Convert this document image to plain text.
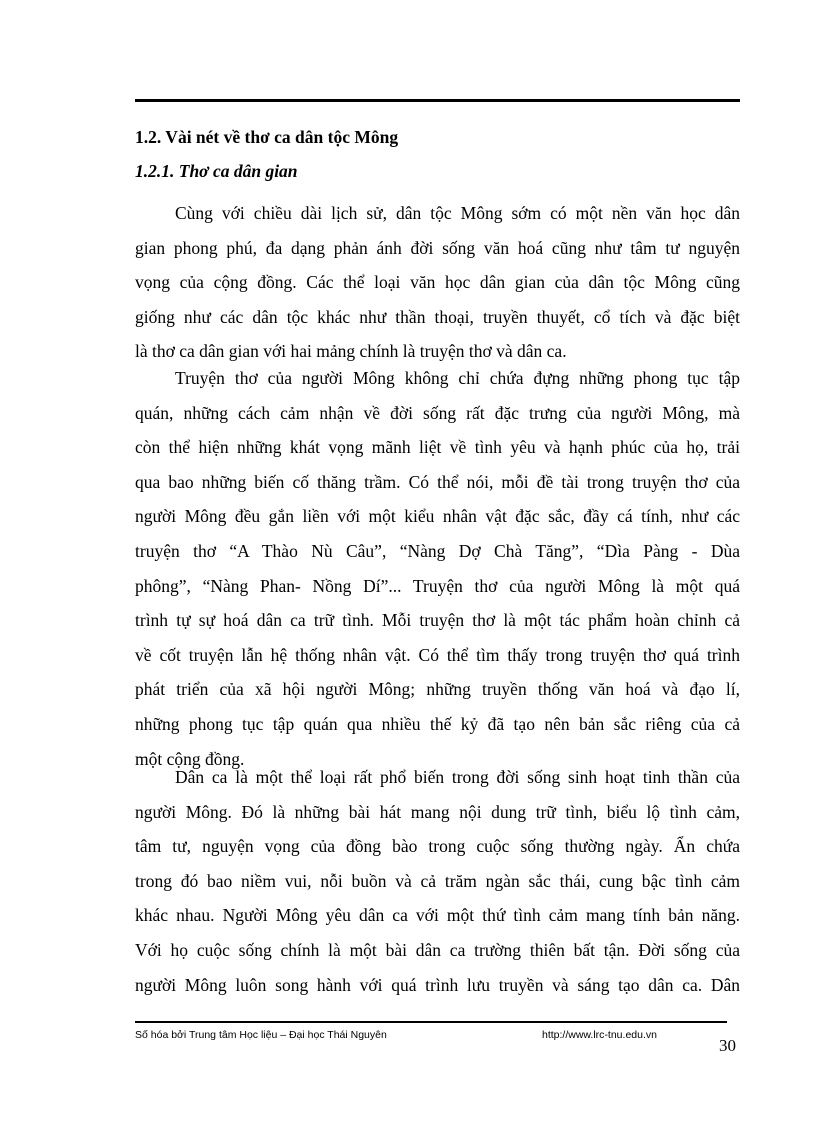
1.2. Vài nét về thơ ca dân tộc Mông
1.2.1. Thơ ca dân gian
Cùng với chiều dài lịch sử, dân tộc Mông sớm có một nền văn học dân
gian phong phú, đa dạng phản ánh đời sống văn hoá cũng như tâm tư nguyện
vọng của cộng đồng. Các thể loại văn học dân gian của dân tộc Mông cũng
giống như các dân tộc khác như thần thoại, truyền thuyết, cổ tích và đặc biệt
là thơ ca dân gian với hai mảng chính là truyện thơ và dân ca.
Truyện thơ của người Mông không chỉ chứa đựng những phong tục tập
quán, những cách cảm nhận về đời sống rất đặc trưng của người Mông, mà
còn thể hiện những khát vọng mãnh liệt về tình yêu và hạnh phúc của họ, trải
qua bao những biến cố thăng trầm. Có thể nói, mỗi đề tài trong truyện thơ của
người Mông đều gắn liền với một kiểu nhân vật đặc sắc, đầy cá tính, như các
truyện thơ “A Thào Nù Câu”, “Nàng Dợ Chà Tăng”, “Dìa Pàng - Dùa
phông”, “Nàng Phan- Nồng Dí”... Truyện thơ của người Mông là một quá
trình tự sự hoá dân ca trữ tình. Mỗi truyện thơ là một tác phẩm hoàn chỉnh cả
về cốt truyện lẫn hệ thống nhân vật. Có thể tìm thấy trong truyện thơ quá trình
phát triển của xã hội người Mông; những truyền thống văn hoá và đạo lí,
những phong tục tập quán qua nhiều thế kỷ đã tạo nên bản sắc riêng của cả
một cộng đồng.
Dân ca là một thể loại rất phổ biến trong đời sống sinh hoạt tinh thần của
người Mông. Đó là những bài hát mang nội dung trữ tình, biểu lộ tình cảm,
tâm tư, nguyện vọng của đồng bào trong cuộc sống thường ngày. Ẩn chứa
trong đó bao niềm vui, nỗi buồn và cả trăm ngàn sắc thái, cung bậc tình cảm
khác nhau. Người Mông yêu dân ca với một thứ tình cảm mang tính bản năng.
Với họ cuộc sống chính là một bài dân ca trường thiên bất tận. Đời sống của
người Mông luôn song hành với quá trình lưu truyền và sáng tạo dân ca. Dân
Số hóa bởi Trung tâm Học liệu – Đại học Thái Nguyên	http://www.lrc-tnu.edu.vn
30
